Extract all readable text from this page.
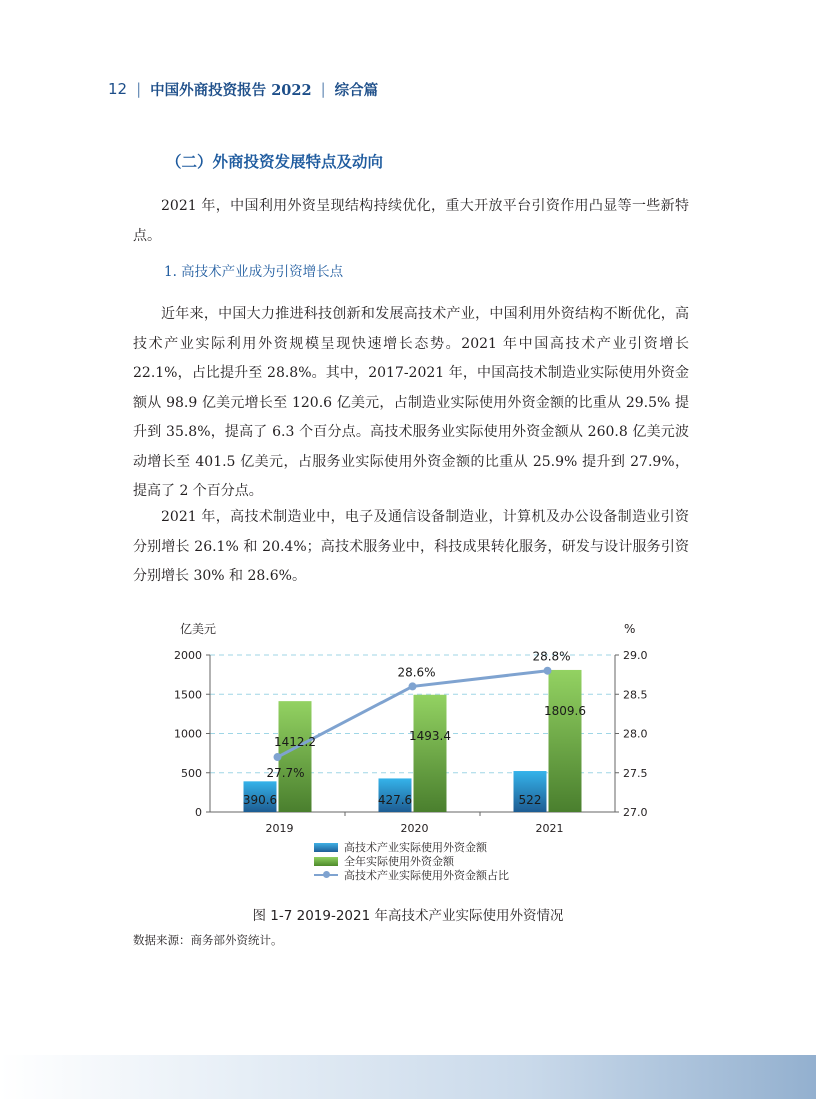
12 | 中国外商投资报告 2022 | 综合篇
（二）外商投资发展特点及动向

2021 年，中国利用外资呈现结构持续优化，重大开放平台引资作用凸显等一些新特点。

1. 高技术产业成为引资增长点

近年来，中国大力推进科技创新和发展高技术产业，中国利用外资结构不断优化，高技术产业实际利用外资规模呈现快速增长态势。2021 年中国高技术产业引资增长 22.1%，占比提升至 28.8%。其中，2017-2021 年，中国高技术制造业实际使用外资金额从 98.9 亿美元增长至 120.6 亿美元，占制造业实际使用外资金额的比重从 29.5% 提升到 35.8%，提高了 6.3 个百分点。高技术服务业实际使用外资金额从 260.8 亿美元波动增长至 401.5 亿美元，占服务业实际使用外资金额的比重从 25.9% 提升到 27.9%，提高了 2 个百分点。

2021 年，高技术制造业中，电子及通信设备制造业，计算机及办公设备制造业引资分别增长 26.1% 和 20.4%；高技术服务业中，科技成果转化服务，研发与设计服务引资分别增长 30% 和 28.6%。

亿美元	%
0
500
1000
1500
2000
27.0
27.5
28.0
28.5
29.0
2019	2020	2021
390.6
1412.2
27.7%
427.6
1493.4
28.6%
522
1809.6
28.8%
高技术产业实际使用外资金额
全年实际使用外资金额
高技术产业实际使用外资金额占比
图 1-7 2019-2021 年高技术产业实际使用外资情况
数据来源：商务部外资统计。
